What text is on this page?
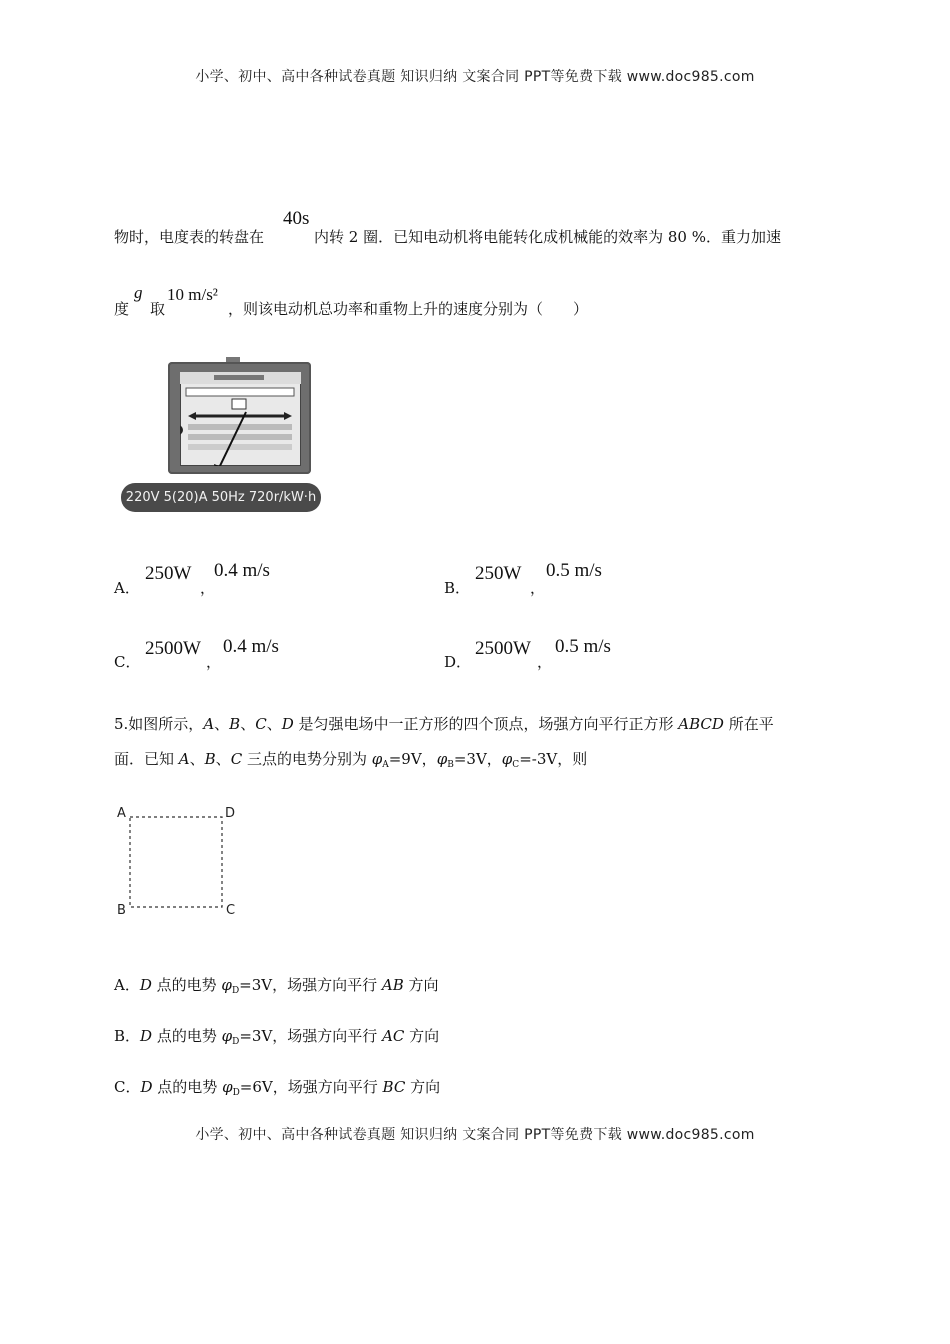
小学、初中、高中各种试卷真题 知识归纳 文案合同 PPT等免费下载 www.doc985.com
物时，电度表的转盘在
40s
内转 2 圈．已知电动机将电能转化成机械能的效率为 80 %．重力加速
度
g
取
10 m/s²
，则该电动机总功率和重物上升的速度分别为（　　）
220V 5(20)A 50Hz 720r/kW·h
A．
250W
，
0.4 m/s
B．
250W
，
0.5 m/s
C．
2500W
，
0.4 m/s
D．
2500W
，
0.5 m/s
5.如图所示，A、B、C、D 是匀强电场中一正方形的四个顶点，场强方向平行正方形 ABCD 所在平
面．已知 A、B、C 三点的电势分别为 $\varphi_A=9V$，$\varphi_B=3V$，$\varphi_C=-3V$，则
A	D
B	C
A．D 点的电势 $\varphi_D=3V$，场强方向平行 AB 方向
B．D 点的电势 $\varphi_D=3V$，场强方向平行 AC 方向
C．D 点的电势 $\varphi_D=6V$，场强方向平行 BC 方向
小学、初中、高中各种试卷真题 知识归纳 文案合同 PPT等免费下载 www.doc985.com
